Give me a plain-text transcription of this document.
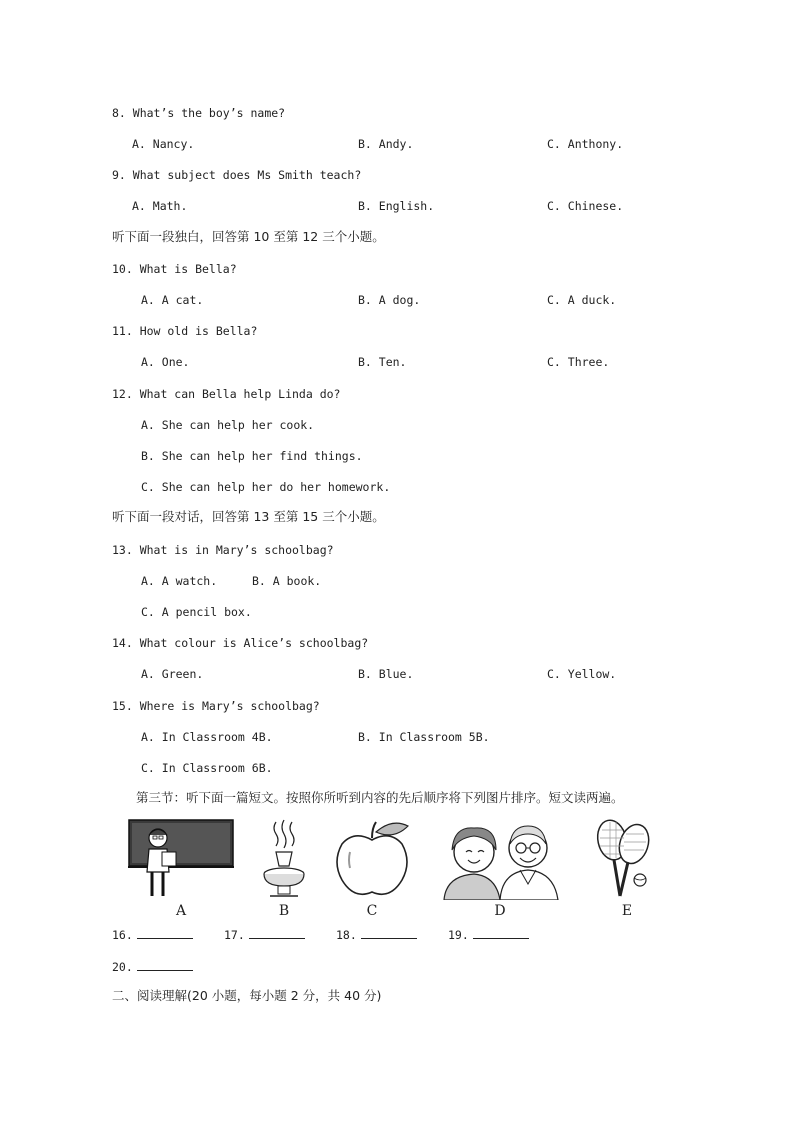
8. What’s the boy’s name?
A. Nancy.	B. Andy.	C. Anthony.
9. What subject does Ms Smith teach?
A. Math.	B. English.	C. Chinese.
听下面一段独白，回答第 10 至第 12 三个小题。
10. What is Bella?
A. A cat.	B. A dog.	C. A duck.
11. How old is Bella?
A. One.	B. Ten.	C. Three.
12. What can Bella help Linda do?
A. She can help her cook.
B. She can help her find things.
C. She can help her do her homework.
听下面一段对话，回答第 13 至第 15 三个小题。
13. What is in Mary’s schoolbag?
A. A watch.	B. A book.
C. A pencil box.
14. What colour is Alice’s schoolbag?
A. Green.	B. Blue.	C. Yellow.
15. Where is Mary’s schoolbag?
A. In Classroom 4B.	B. In Classroom 5B.
C. In Classroom 6B.
第三节：听下面一篇短文。按照你所听到内容的先后顺序将下列图片排序。短文读两遍。
A	B	C	D	E
16.	17.	18.	19.
20.
二、阅读理解(20 小题，每小题 2 分，共 40 分)
